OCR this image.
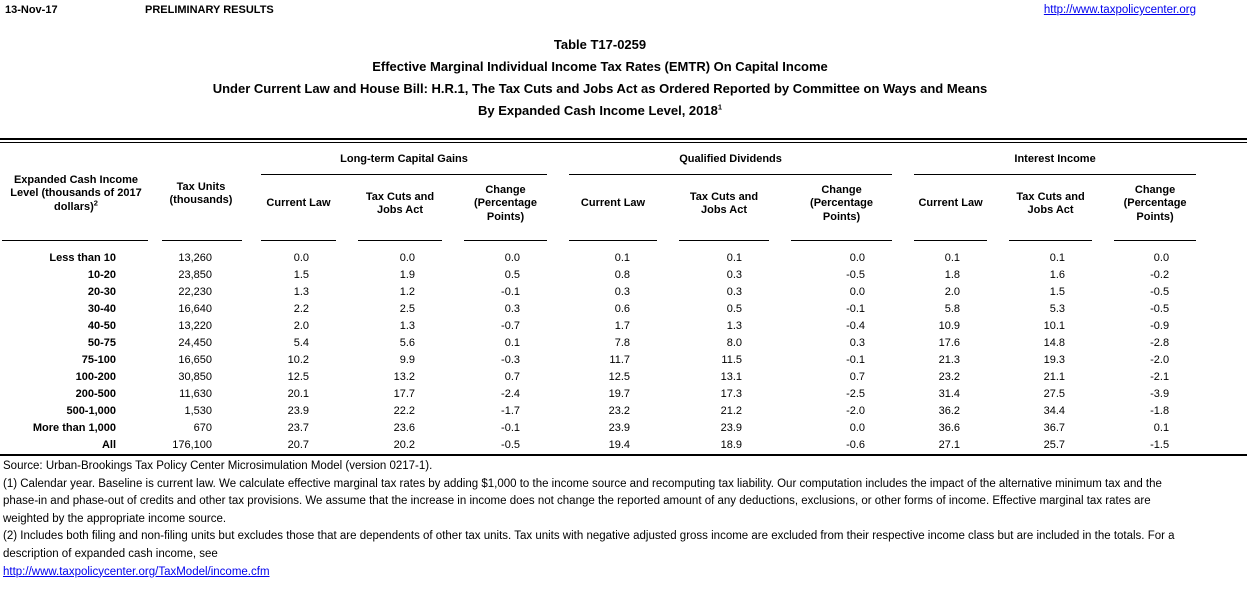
13-Nov-17	PRELIMINARY RESULTS	http://www.taxpolicycenter.org
Table T17-0259
Effective Marginal Individual Income Tax Rates (EMTR) On Capital Income
Under Current Law and House Bill: H.R.1, The Tax Cuts and Jobs Act as Ordered Reported by Committee on Ways and Means
By Expanded Cash Income Level, 2018$^1$
Expanded Cash Income Level (thousands of 2017 dollars)$^2$	Tax Units (thousands)	Long-term Capital Gains			Qualified Dividends			Interest Income		

		Current Law	Tax Cuts and Jobs Act	Change (Percentage Points)	Current Law	Tax Cuts and Jobs Act	Change (Percentage Points)	Current Law	Tax Cuts and Jobs Act	Change (Percentage Points)	

Less than 10	13,260	0.0	0.0	0.0	0.1	0.1	0.0	0.1	0.1	0.0	
10-20	23,850	1.5	1.9	0.5	0.8	0.3	-0.5	1.8	1.6	-0.2	
20-30	22,230	1.3	1.2	-0.1	0.3	0.3	0.0	2.0	1.5	-0.5	
30-40	16,640	2.2	2.5	0.3	0.6	0.5	-0.1	5.8	5.3	-0.5	
40-50	13,220	2.0	1.3	-0.7	1.7	1.3	-0.4	10.9	10.1	-0.9	
50-75	24,450	5.4	5.6	0.1	7.8	8.0	0.3	17.6	14.8	-2.8	
75-100	16,650	10.2	9.9	-0.3	11.7	11.5	-0.1	21.3	19.3	-2.0	
100-200	30,850	12.5	13.2	0.7	12.5	13.1	0.7	23.2	21.1	-2.1	
200-500	11,630	20.1	17.7	-2.4	19.7	17.3	-2.5	31.4	27.5	-3.9	
500-1,000	1,530	23.9	22.2	-1.7	23.2	21.2	-2.0	36.2	34.4	-1.8	
More than 1,000	670	23.7	23.6	-0.1	23.9	23.9	0.0	36.6	36.7	0.1	
All	176,100	20.7	20.2	-0.5	19.4	18.9	-0.6	27.1	25.7	-1.5	

Source: Urban-Brookings Tax Policy Center Microsimulation Model (version 0217-1).

(1) Calendar year. Baseline is current law. We calculate effective marginal tax rates by adding $1,000 to the income source and recomputing tax liability. Our computation includes the impact of the alternative minimum tax and the phase-in and phase-out of credits and other tax provisions. We assume that the increase in income does not change the reported amount of any deductions, exclusions, or other forms of income. Effective marginal tax rates are weighted by the appropriate income source.

(2) Includes both filing and non-filing units but excludes those that are dependents of other tax units. Tax units with negative adjusted gross income are excluded from their respective income class but are included in the totals. For a description of expanded cash income, see

http://www.taxpolicycenter.org/TaxModel/income.cfm
